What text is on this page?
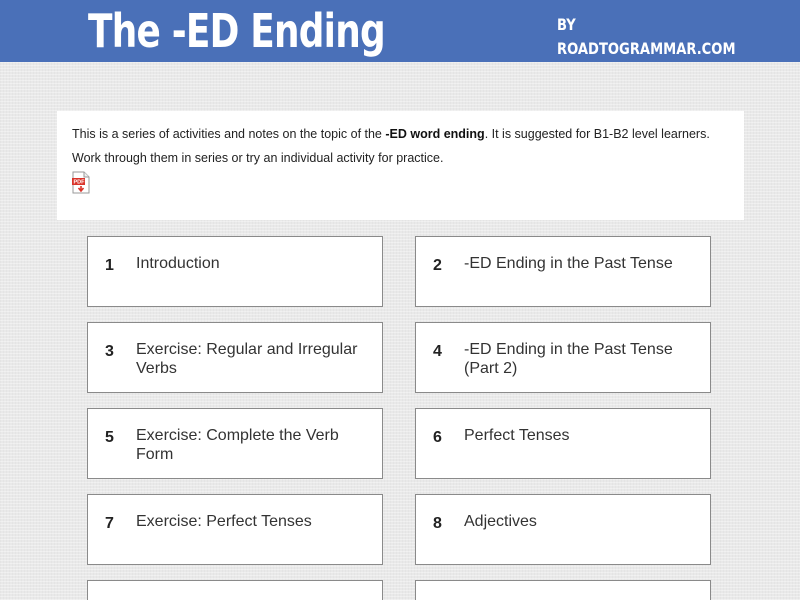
The -ED Ending	BY
ROADTOGRAMMAR.COM
This is a series of activities and notes on the topic of the -ED word ending. It is suggested for B1-B2 level learners. Work through them in series or try an individual activity for practice.
PDF
1 Introduction	2 -ED Ending in the Past Tense
3 Exercise: Regular and Irregular Verbs
4 -ED Ending in the Past Tense (Part 2)
5 Exercise: Complete the Verb Form
6 Perfect Tenses
7 Exercise: Perfect Tenses	8 Adjectives
